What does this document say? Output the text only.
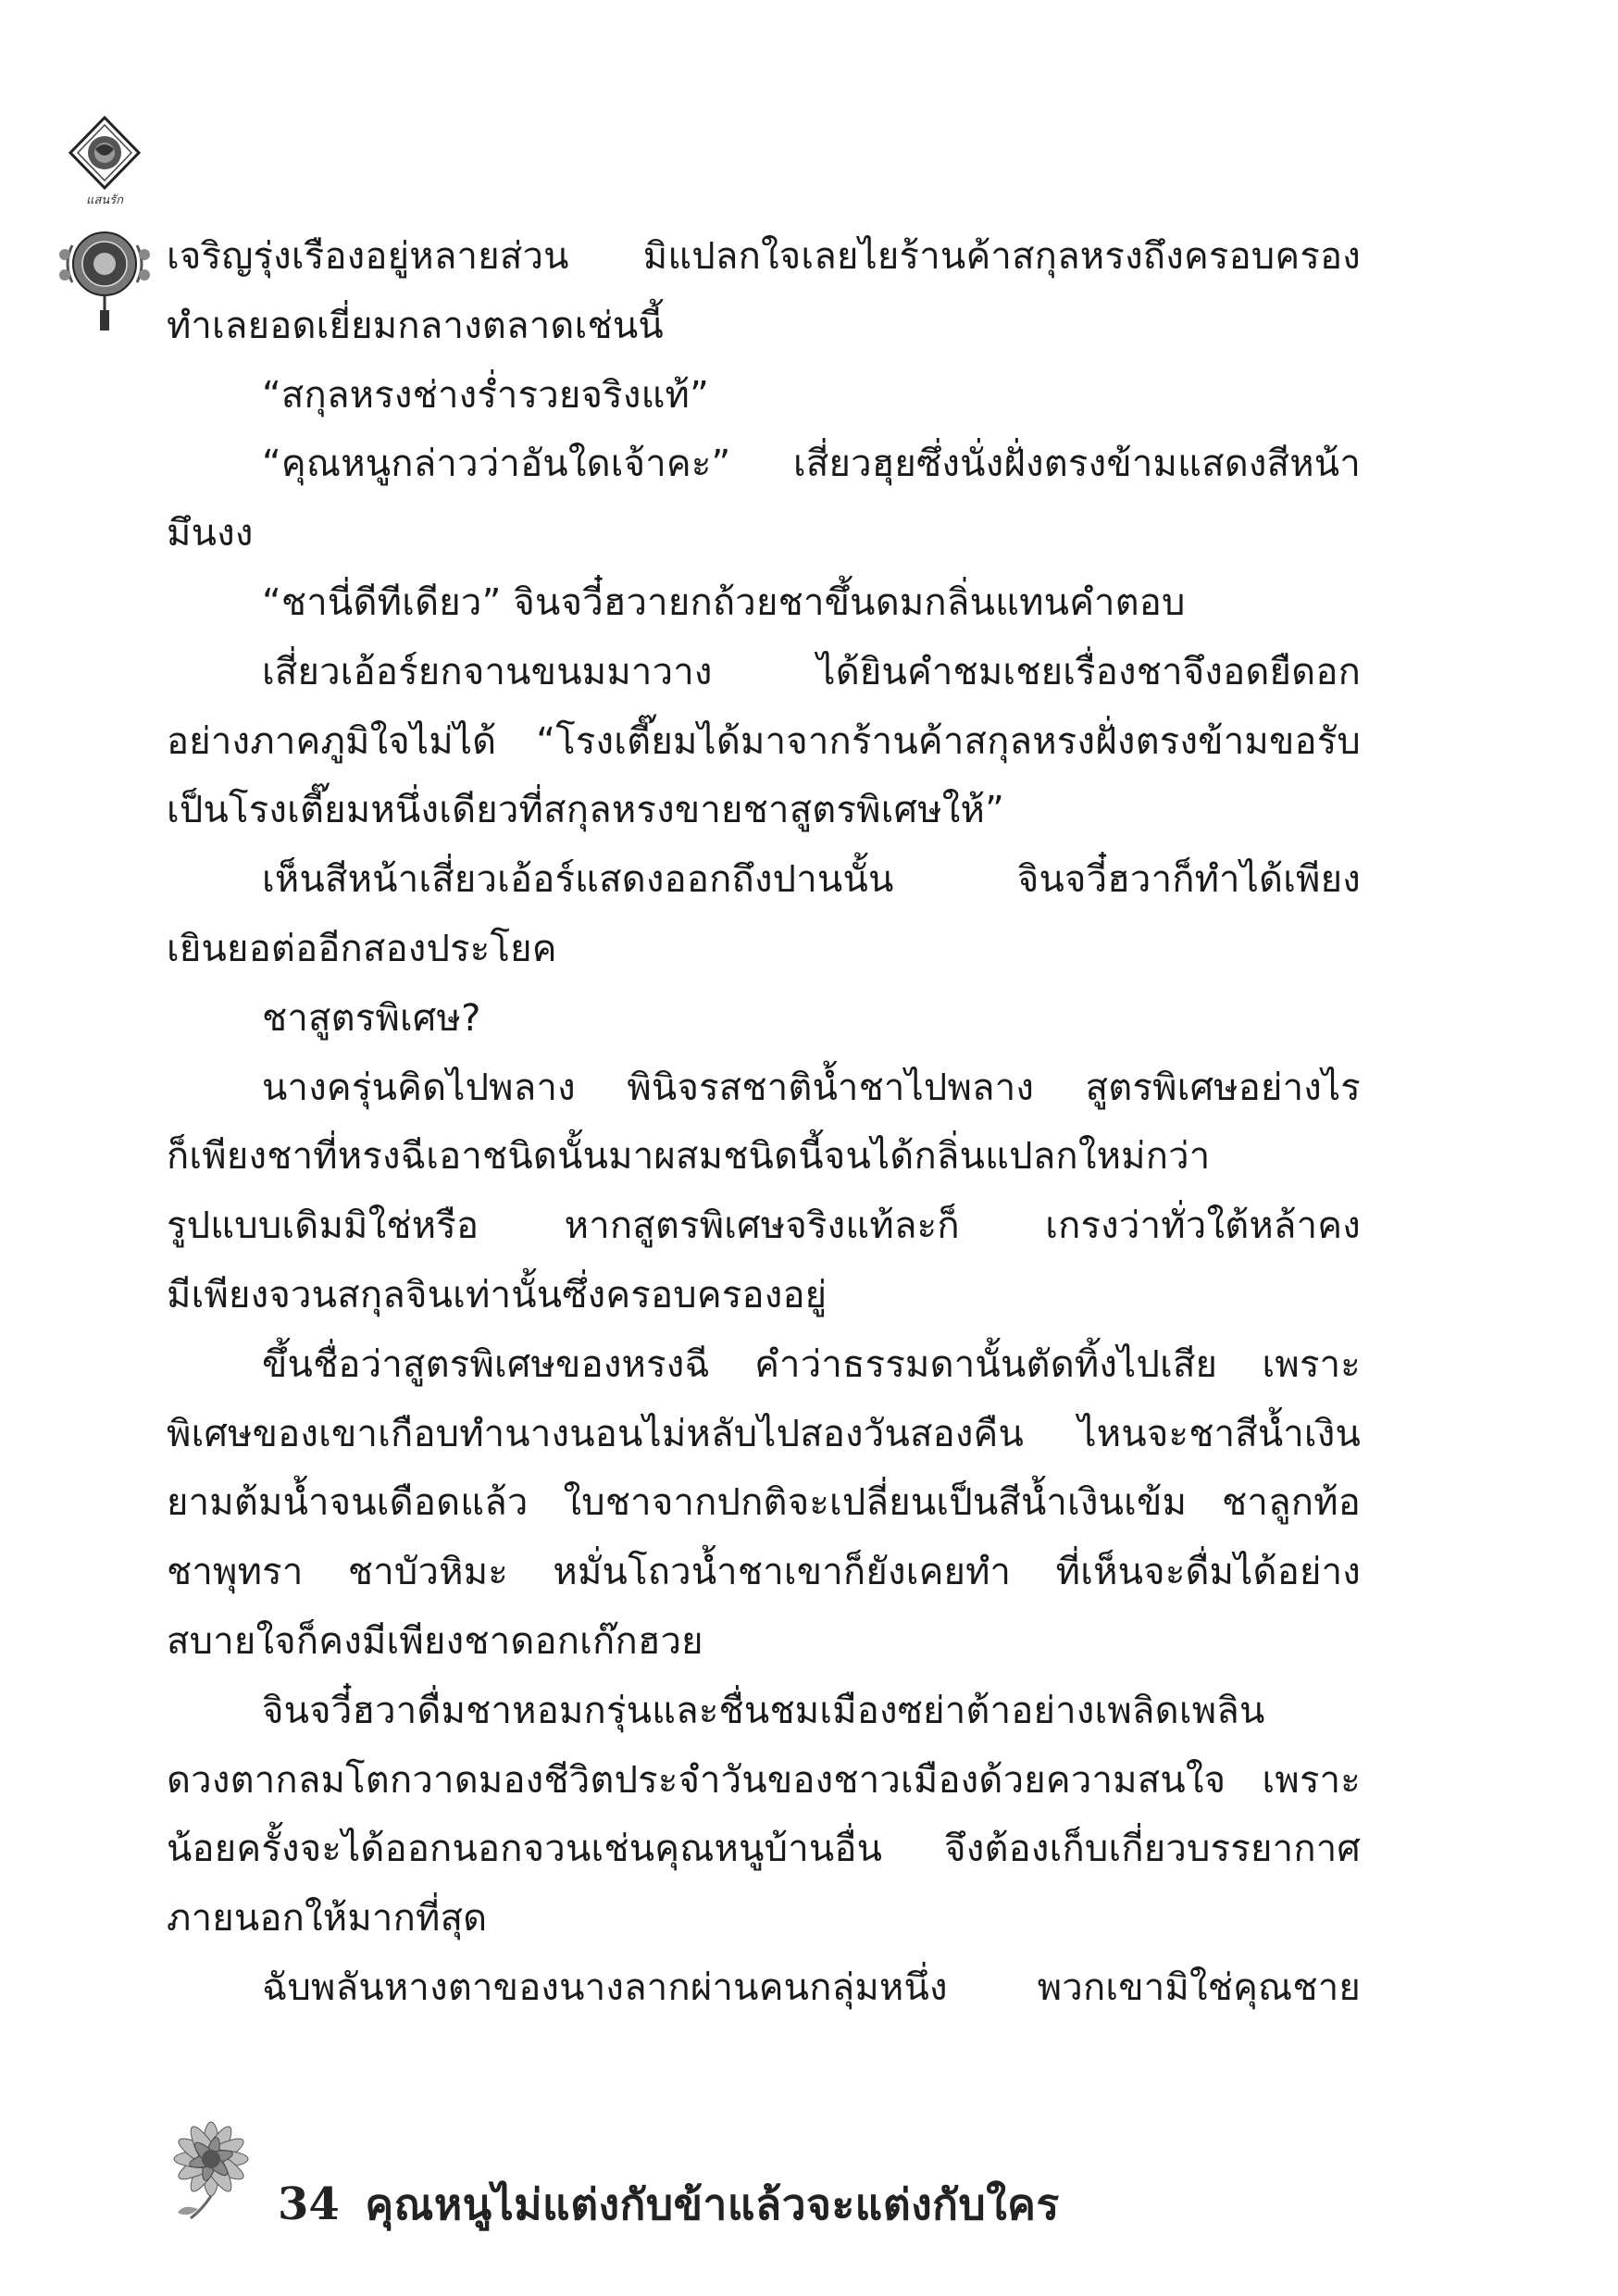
แสนรัก
เจริญรุ่งเรืองอยู่หลายส่วน มิแปลกใจเลยไยร้านค้าสกุลหรงถึงครอบครอง
ทำเลยอดเยี่ยมกลางตลาดเช่นนี้
“สกุลหรงช่างร่ำรวยจริงแท้”
“คุณหนูกล่าวว่าอันใดเจ้าคะ” เสี่ยวฮุยซึ่งนั่งฝั่งตรงข้ามแสดงสีหน้า
มึนงง
“ชานี่ดีทีเดียว” จินจวี๋ฮวายกถ้วยชาขึ้นดมกลิ่นแทนคำตอบ
เสี่ยวเอ้อร์ยกจานขนมมาวาง ได้ยินคำชมเชยเรื่องชาจึงอดยืดอก
อย่างภาคภูมิใจไม่ได้ “โรงเตี๊ยมได้มาจากร้านค้าสกุลหรงฝั่งตรงข้ามขอรับ
เป็นโรงเตี๊ยมหนึ่งเดียวที่สกุลหรงขายชาสูตรพิเศษให้”
เห็นสีหน้าเสี่ยวเอ้อร์แสดงออกถึงปานนั้น จินจวี๋ฮวาก็ทำได้เพียง
เยินยอต่ออีกสองประโยค
ชาสูตรพิเศษ?
นางครุ่นคิดไปพลาง พินิจรสชาติน้ำชาไปพลาง สูตรพิเศษอย่างไร
ก็เพียงชาที่หรงฉีเอาชนิดนั้นมาผสมชนิดนี้จนได้กลิ่นแปลกใหม่กว่า
รูปแบบเดิมมิใช่หรือ หากสูตรพิเศษจริงแท้ละก็ เกรงว่าทั่วใต้หล้าคง
มีเพียงจวนสกุลจินเท่านั้นซึ่งครอบครองอยู่
ขึ้นชื่อว่าสูตรพิเศษของหรงฉี คำว่าธรรมดานั้นตัดทิ้งไปเสีย เพราะ
พิเศษของเขาเกือบทำนางนอนไม่หลับไปสองวันสองคืน ไหนจะชาสีน้ำเงิน
ยามต้มน้ำจนเดือดแล้ว ใบชาจากปกติจะเปลี่ยนเป็นสีน้ำเงินเข้ม ชาลูกท้อ
ชาพุทรา ชาบัวหิมะ หมั่นโถวน้ำชาเขาก็ยังเคยทำ ที่เห็นจะดื่มได้อย่าง
สบายใจก็คงมีเพียงชาดอกเก๊กฮวย
จินจวี๋ฮวาดื่มชาหอมกรุ่นและชื่นชมเมืองซย่าต้าอย่างเพลิดเพลิน
ดวงตากลมโตกวาดมองชีวิตประจำวันของชาวเมืองด้วยความสนใจ เพราะ
น้อยครั้งจะได้ออกนอกจวนเช่นคุณหนูบ้านอื่น จึงต้องเก็บเกี่ยวบรรยากาศ
ภายนอกให้มากที่สุด
ฉับพลันหางตาของนางลากผ่านคนกลุ่มหนึ่ง พวกเขามิใช่คุณชาย
34 คุณหนูไม่แต่งกับข้าแล้วจะแต่งกับใคร
